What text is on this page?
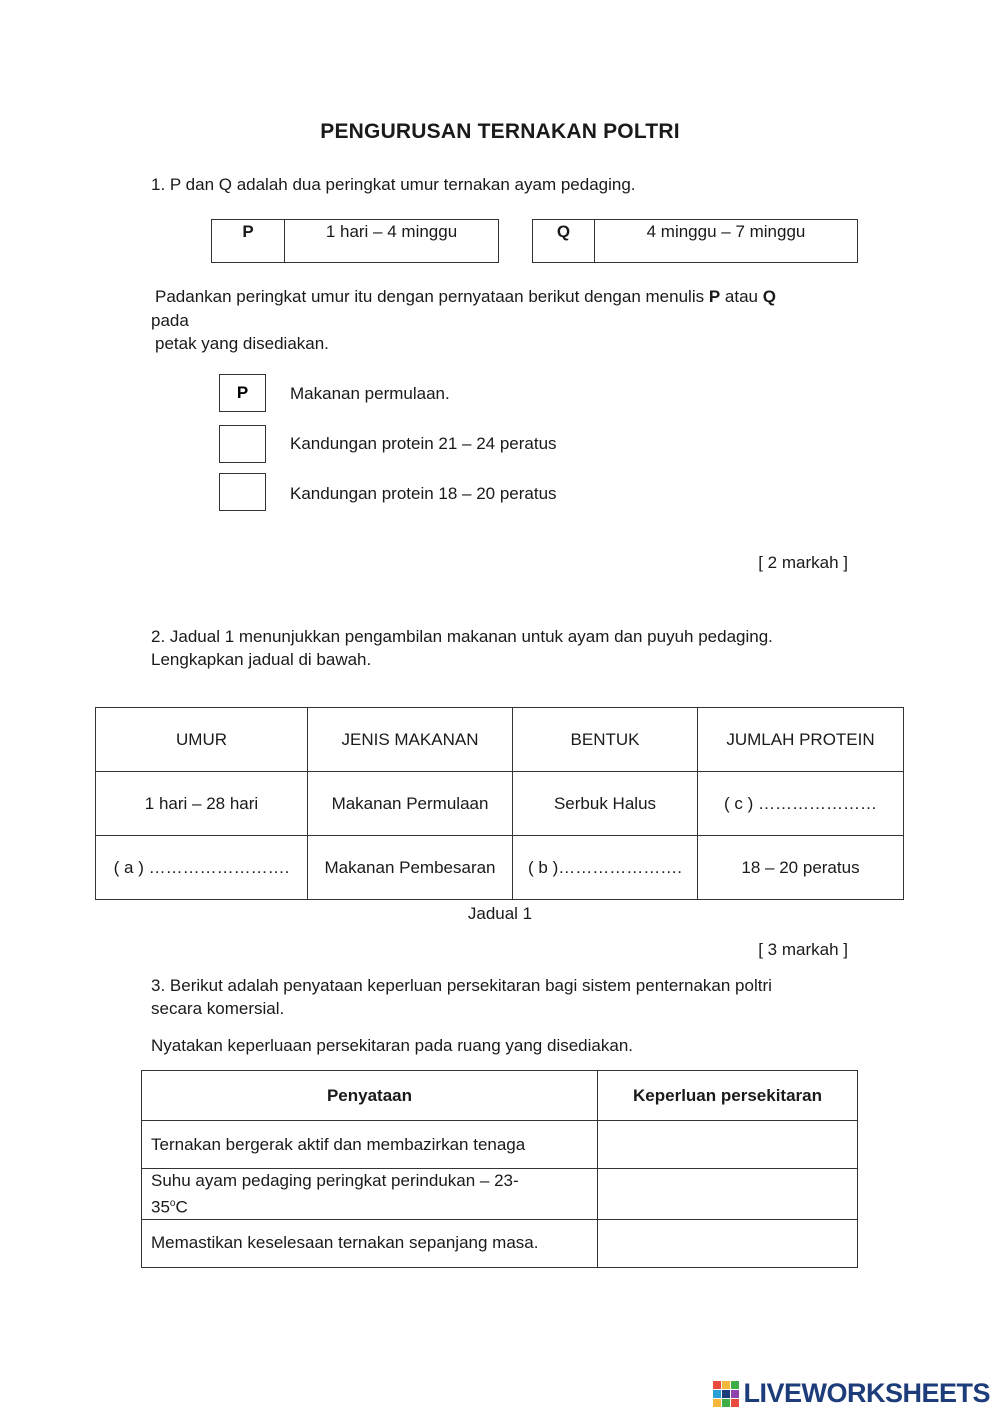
PENGURUSAN TERNAKAN POLTRI
1. P dan Q adalah dua peringkat umur ternakan ayam pedaging.
P	1 hari – 4 minggu	Q	4 minggu – 7 minggu
Padankan peringkat umur itu dengan pernyataan berikut dengan menulis P atau Q
pada
petak yang disediakan.
P
Makanan permulaan.
Kandungan protein 21 – 24 peratus
Kandungan protein 18 – 20 peratus
[ 2 markah ]
2. Jadual 1 menunjukkan pengambilan makanan untuk ayam dan puyuh pedaging.
Lengkapkan jadual di bawah.
UMUR	JENIS MAKANAN	BENTUK	JUMLAH PROTEIN
1 hari – 28 hari	Makanan Permulaan	Serbuk Halus	( c ) …………………
( a ) …………………….	Makanan Pembesaran	( b )………………….	18 – 20 peratus
Jadual 1
[ 3 markah ]
3. Berikut adalah penyataan keperluan persekitaran bagi sistem penternakan poltri
secara komersial.
Nyatakan keperluaan persekitaran pada ruang yang disediakan.
Penyataan	Keperluan persekitaran
Ternakan bergerak aktif dan membazirkan tenaga	
Suhu ayam pedaging peringkat perindukan – 23-
35$^o$C	
Memastikan keselesaan ternakan sepanjang masa.	
LIVEWORKSHEETS
